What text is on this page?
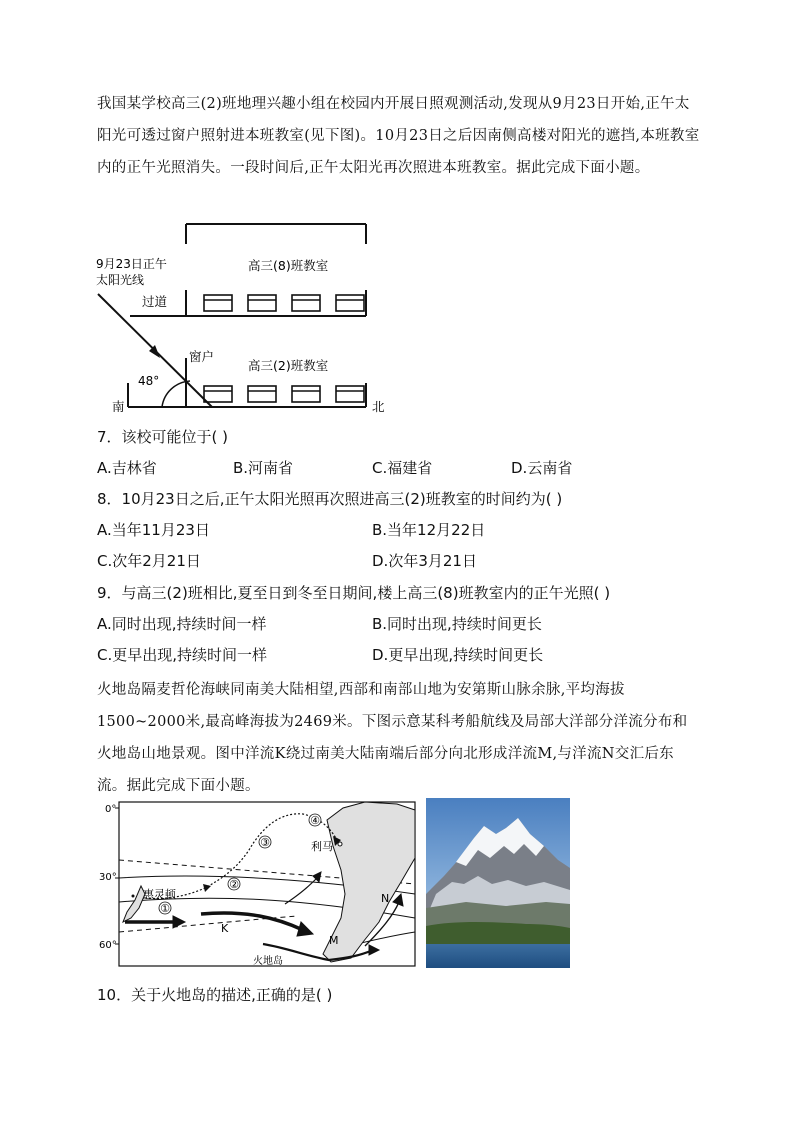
我国某学校高三(2)班地理兴趣小组在校园内开展日照观测活动,发现从9月23日开始,正午太阳光可透过窗户照射进本班教室(见下图)。10月23日之后因南侧高楼对阳光的遮挡,本班教室内的正午光照消失。一段时间后,正午太阳光再次照进本班教室。据此完成下面小题。
9月23日正午
太阳光线
高三(8)班教室
过道
窗户
高三(2)班教室
48°
南	北
7．该校可能位于( )
A.吉林省	B.河南省	C.福建省	D.云南省
8．10月23日之后,正午太阳光照再次照进高三(2)班教室的时间约为( )
A.当年11月23日	B.当年12月22日
C.次年2月21日	D.次年3月21日
9．与高三(2)班相比,夏至日到冬至日期间,楼上高三(8)班教室内的正午光照( )
A.同时出现,持续时间一样	B.同时出现,持续时间更长
C.更早出现,持续时间一样	D.更早出现,持续时间更长
火地岛隔麦哲伦海峡同南美大陆相望,西部和南部山地为安第斯山脉余脉,平均海拔1500~2000米,最高峰海拔为2469米。下图示意某科考船航线及局部大洋部分洋流分布和火地岛山地景观。图中洋流K绕过南美大陆南端后部分向北形成洋流M,与洋流N交汇后东流。据此完成下面小题。
0°
30°
60°
①
②
③
④
利马
惠灵顿
火地岛
K
M
N
10．关于火地岛的描述,正确的是( )
